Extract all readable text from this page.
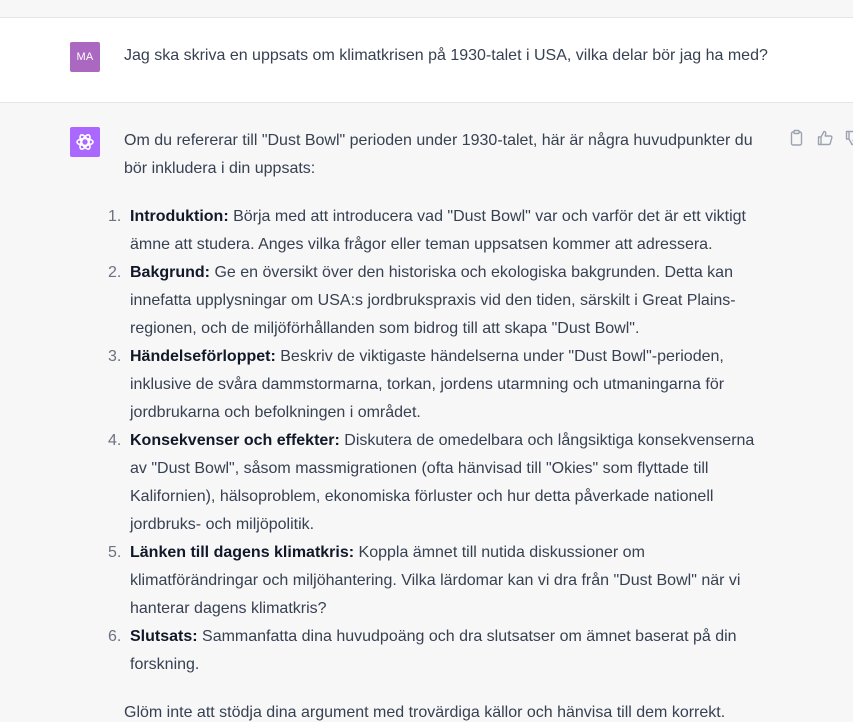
MA	Jag ska skriva en uppsats om klimatkrisen på 1930-talet i USA, vilka delar bör jag ha med?

Om du refererar till "Dust Bowl" perioden under 1930-talet, här är några huvudpunkter du bör inkludera i din uppsats:

1. Introduktion: Börja med att introducera vad "Dust Bowl" var och varför det är ett viktigt ämne att studera. Anges vilka frågor eller teman uppsatsen kommer att adressera.
2. Bakgrund: Ge en översikt över den historiska och ekologiska bakgrunden. Detta kan innefatta upplysningar om USA:s jordbrukspraxis vid den tiden, särskilt i Great Plains-regionen, och de miljöförhållanden som bidrog till att skapa "Dust Bowl".
3. Händelseförloppet: Beskriv de viktigaste händelserna under "Dust Bowl"-perioden, inklusive de svåra dammstormarna, torkan, jordens utarmning och utmaningarna för jordbrukarna och befolkningen i området.
4. Konsekvenser och effekter: Diskutera de omedelbara och långsiktiga konsekvenserna av "Dust Bowl", såsom massmigrationen (ofta hänvisad till "Okies" som flyttade till Kalifornien), hälsoproblem, ekonomiska förluster och hur detta påverkade nationell jordbruks- och miljöpolitik.
5. Länken till dagens klimatkris: Koppla ämnet till nutida diskussioner om klimatförändringar och miljöhantering. Vilka lärdomar kan vi dra från "Dust Bowl" när vi hanterar dagens klimatkris?
6. Slutsats: Sammanfatta dina huvudpoäng och dra slutsatser om ämnet baserat på din forskning.

Glöm inte att stödja dina argument med trovärdiga källor och hänvisa till dem korrekt.
